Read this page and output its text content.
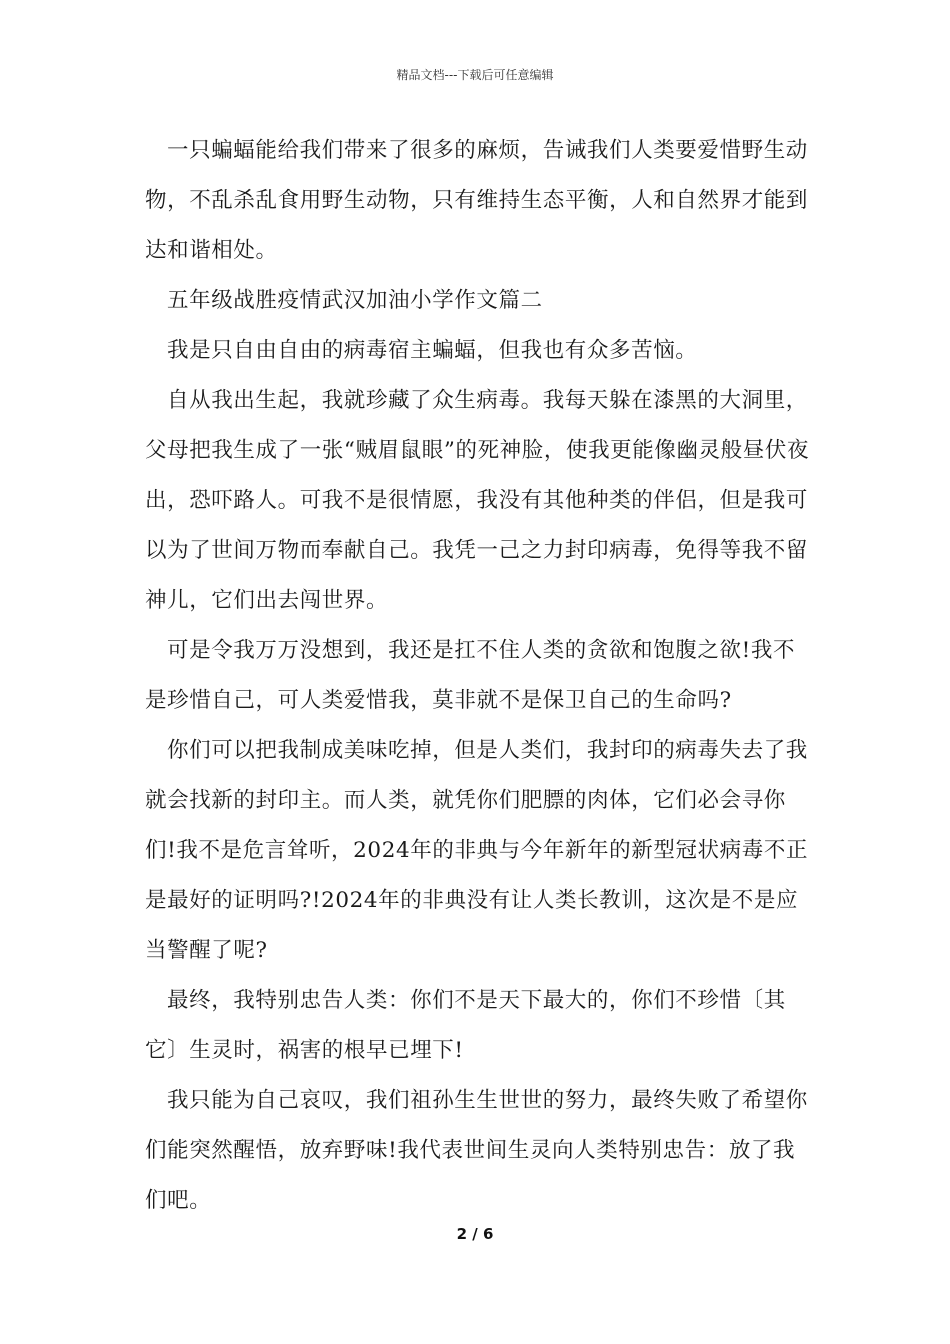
精品文档---下载后可任意编辑

一只蝙蝠能给我们带来了很多的麻烦，告诫我们人类要爱惜野生动物，不乱杀乱食用野生动物，只有维持生态平衡，人和自然界才能到达和谐相处。

五年级战胜疫情武汉加油小学作文篇二

我是只自由自由的病毒宿主蝙蝠，但我也有众多苦恼。

自从我出生起，我就珍藏了众生病毒。我每天躲在漆黑的大洞里，父母把我生成了一张“贼眉鼠眼”的死神脸，使我更能像幽灵般昼伏夜出，恐吓路人。可我不是很情愿，我没有其他种类的伴侣，但是我可以为了世间万物而奉献自己。我凭一己之力封印病毒，免得等我不留神儿，它们出去闯世界。

可是令我万万没想到，我还是扛不住人类的贪欲和饱腹之欲!我不是珍惜自己，可人类爱惜我，莫非就不是保卫自己的生命吗?

你们可以把我制成美味吃掉，但是人类们，我封印的病毒失去了我就会找新的封印主。而人类，就凭你们肥膘的肉体，它们必会寻你们!我不是危言耸听，2024年的非典与今年新年的新型冠状病毒不正是最好的证明吗?!2024年的非典没有让人类长教训，这次是不是应当警醒了呢?

最终，我特别忠告人类：你们不是天下最大的，你们不珍惜〔其它〕生灵时，祸害的根早已埋下!

我只能为自己哀叹，我们祖孙生生世世的努力，最终失败了希望你们能突然醒悟，放弃野味!我代表世间生灵向人类特别忠告：放了我们吧。

2 / 6
